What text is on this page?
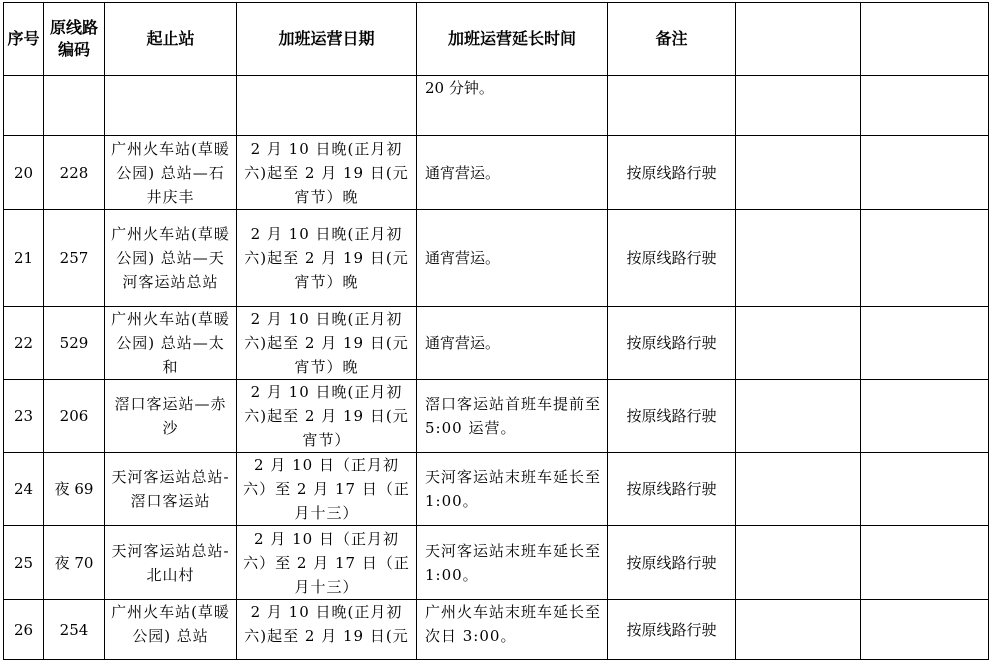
序号	原线路编码	起止站	加班运营日期	加班运营延长时间	备注		
				20 分钟。			
20	228	广州火车站(草暖公园) 总站—石井庆丰	2 月 10 日晚(正月初六)起至 2 月 19 日(元宵节）晚	通宵营运。	按原线路行驶		
21	257	广州火车站(草暖公园) 总站—天河客运站总站	2 月 10 日晚(正月初六)起至 2 月 19 日(元宵节）晚	通宵营运。	按原线路行驶		
22	529	广州火车站(草暖公园) 总站—太和	2 月 10 日晚(正月初六)起至 2 月 19 日(元宵节）晚	通宵营运。	按原线路行驶		
23	206	滘口客运站—赤沙	2 月 10 日晚(正月初六)起至 2 月 19 日(元宵节）	滘口客运站首班车提前至 5:00 运营。	按原线路行驶		
24	夜 69	天河客运站总站-滘口客运站	2 月 10 日（正月初六）至 2 月 17 日（正月十三）	天河客运站末班车延长至 1:00。	按原线路行驶		
25	夜 70	天河客运站总站-北山村	2 月 10 日（正月初六）至 2 月 17 日（正月十三）	天河客运站末班车延长至 1:00。	按原线路行驶		
26	254	广州火车站(草暖公园) 总站	2 月 10 日晚(正月初六)起至 2 月 19 日(元	广州火车站末班车延长至次日 3:00。	按原线路行驶		
